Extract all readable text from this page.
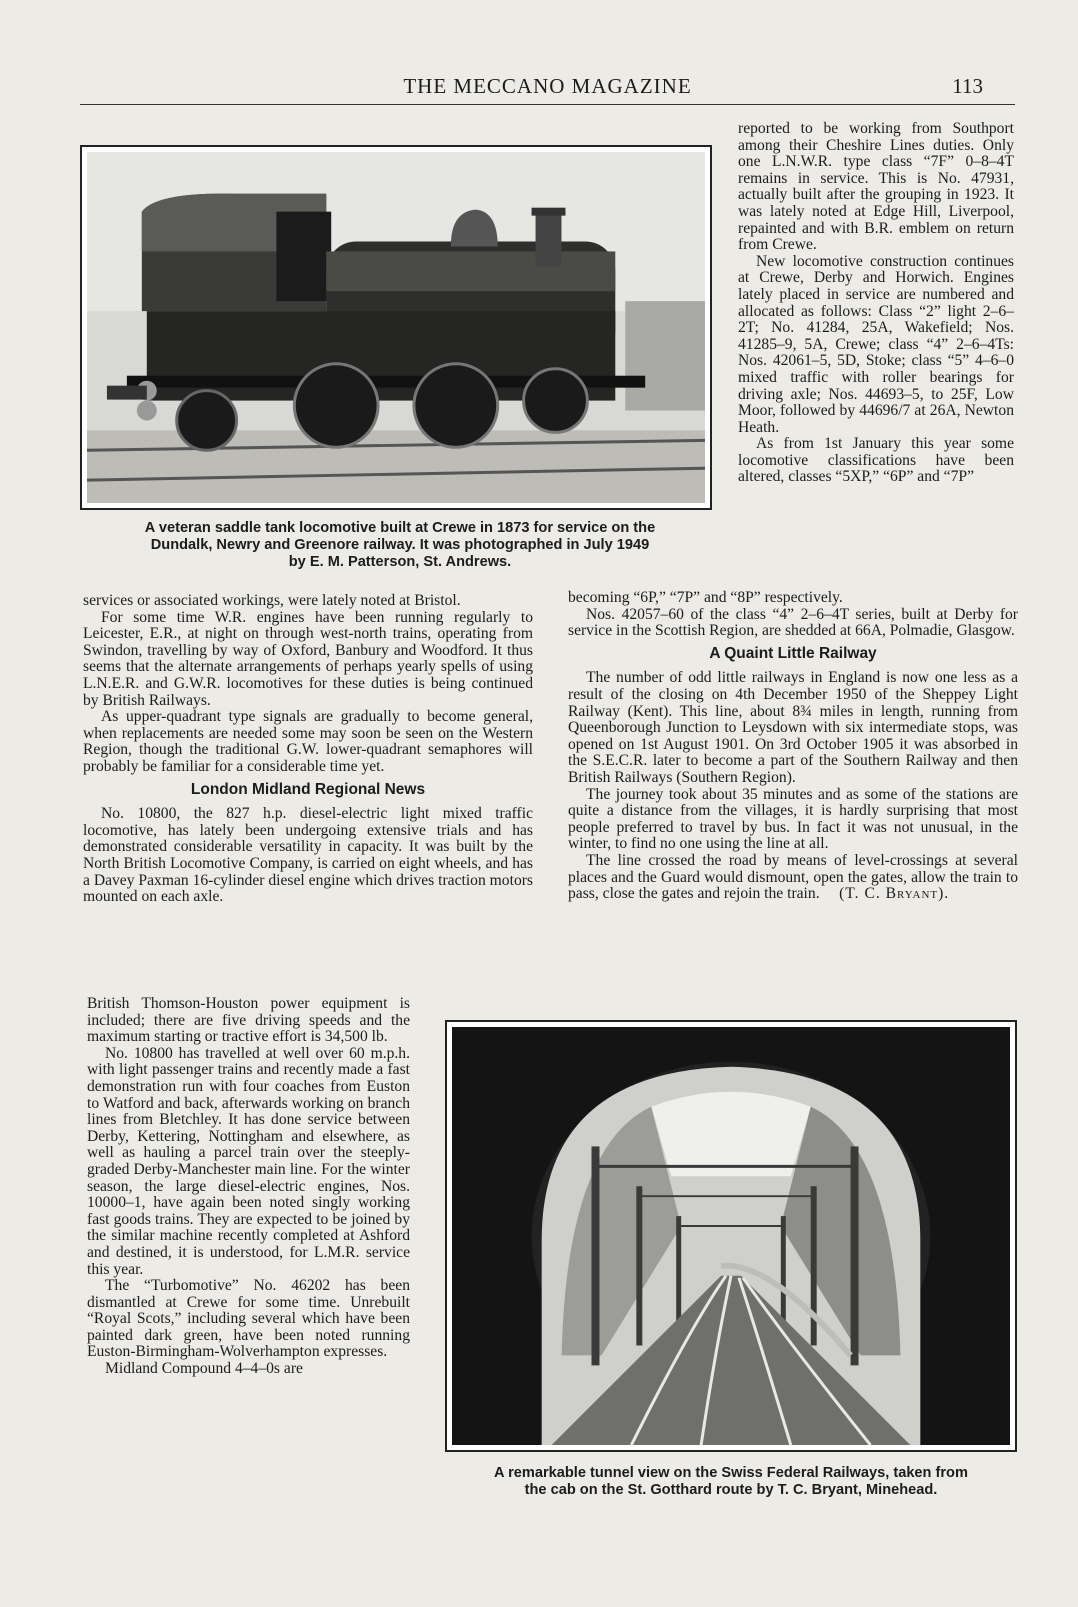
THE MECCANO MAGAZINE	113
A veteran saddle tank locomotive built at Crewe in 1873 for service on the
Dundalk, Newry and Greenore railway. It was photographed in July 1949
by E. M. Patterson, St. Andrews.

reported to be working from Southport among their Cheshire Lines duties. Only one L.N.W.R. type class “7F” 0–8–4T remains in service. This is No. 47931, actually built after the grouping in 1923. It was lately noted at Edge Hill, Liverpool, repainted and with B.R. emblem on return from Crewe.

New locomotive construction continues at Crewe, Derby and Horwich. Engines lately placed in service are numbered and allocated as follows: Class “2” light 2–6–2T; No. 41284, 25A, Wakefield; Nos. 41285–9, 5A, Crewe; class “4” 2–6–4Ts: Nos. 42061–5, 5D, Stoke; class “5” 4–6–0 mixed traffic with roller bearings for driving axle; Nos. 44693–5, to 25F, Low Moor, followed by 44696/7 at 26A, Newton Heath.

As from 1st January this year some locomotive classifications have been altered, classes “5XP,” “6P” and “7P”

services or associated workings, were lately noted at Bristol.

For some time W.R. engines have been running regularly to Leicester, E.R., at night on through west-north trains, operating from Swindon, travelling by way of Oxford, Banbury and Woodford. It thus seems that the alternate arrangements of perhaps yearly spells of using L.N.E.R. and G.W.R. locomotives for these duties is being continued by British Railways.

As upper-quadrant type signals are gradually to become general, when replacements are needed some may soon be seen on the Western Region, though the traditional G.W. lower-quadrant semaphores will probably be familiar for a considerable time yet.

London Midland Regional News

No. 10800, the 827 h.p. diesel-electric light mixed traffic locomotive, has lately been undergoing extensive trials and has demonstrated considerable versatility in capacity. It was built by the North British Locomotive Company, is carried on eight wheels, and has a Davey Paxman 16-cylinder diesel engine which drives traction motors mounted on each axle.

British Thomson-Houston power equipment is included; there are five driving speeds and the maximum starting or tractive effort is 34,500 lb.

No. 10800 has travelled at well over 60 m.p.h. with light passenger trains and recently made a fast demonstration run with four coaches from Euston to Watford and back, afterwards working on branch lines from Bletchley. It has done service between Derby, Kettering, Nottingham and elsewhere, as well as hauling a parcel train over the steeply-graded Derby-Manchester main line. For the winter season, the large diesel-electric engines, Nos. 10000–1, have again been noted singly working fast goods trains. They are expected to be joined by the similar machine recently completed at Ashford and destined, it is understood, for L.M.R. service this year.

The “Turbomotive” No. 46202 has been dismantled at Crewe for some time. Unrebuilt “Royal Scots,” including several which have been painted dark green, have been noted running Euston-Birmingham-Wolverhampton expresses.

Midland Compound 4–4–0s are

becoming “6P,” “7P” and “8P” respectively.

Nos. 42057–60 of the class “4” 2–6–4T series, built at Derby for service in the Scottish Region, are shedded at 66A, Polmadie, Glasgow.

A Quaint Little Railway

The number of odd little railways in England is now one less as a result of the closing on 4th December 1950 of the Sheppey Light Railway (Kent). This line, about 8¾ miles in length, running from Queenborough Junction to Leysdown with six intermediate stops, was opened on 1st August 1901. On 3rd October 1905 it was absorbed in the S.E.C.R. later to become a part of the Southern Railway and then British Railways (Southern Region).

The journey took about 35 minutes and as some of the stations are quite a distance from the villages, it is hardly surprising that most people preferred to travel by bus. In fact it was not unusual, in the winter, to find no one using the line at all.

The line crossed the road by means of level-crossings at several places and the Guard would dismount, open the gates, allow the train to pass, close the gates and rejoin the train. (T. C. Bryant).

A remarkable tunnel view on the Swiss Federal Railways, taken from
the cab on the St. Gotthard route by T. C. Bryant, Minehead.
